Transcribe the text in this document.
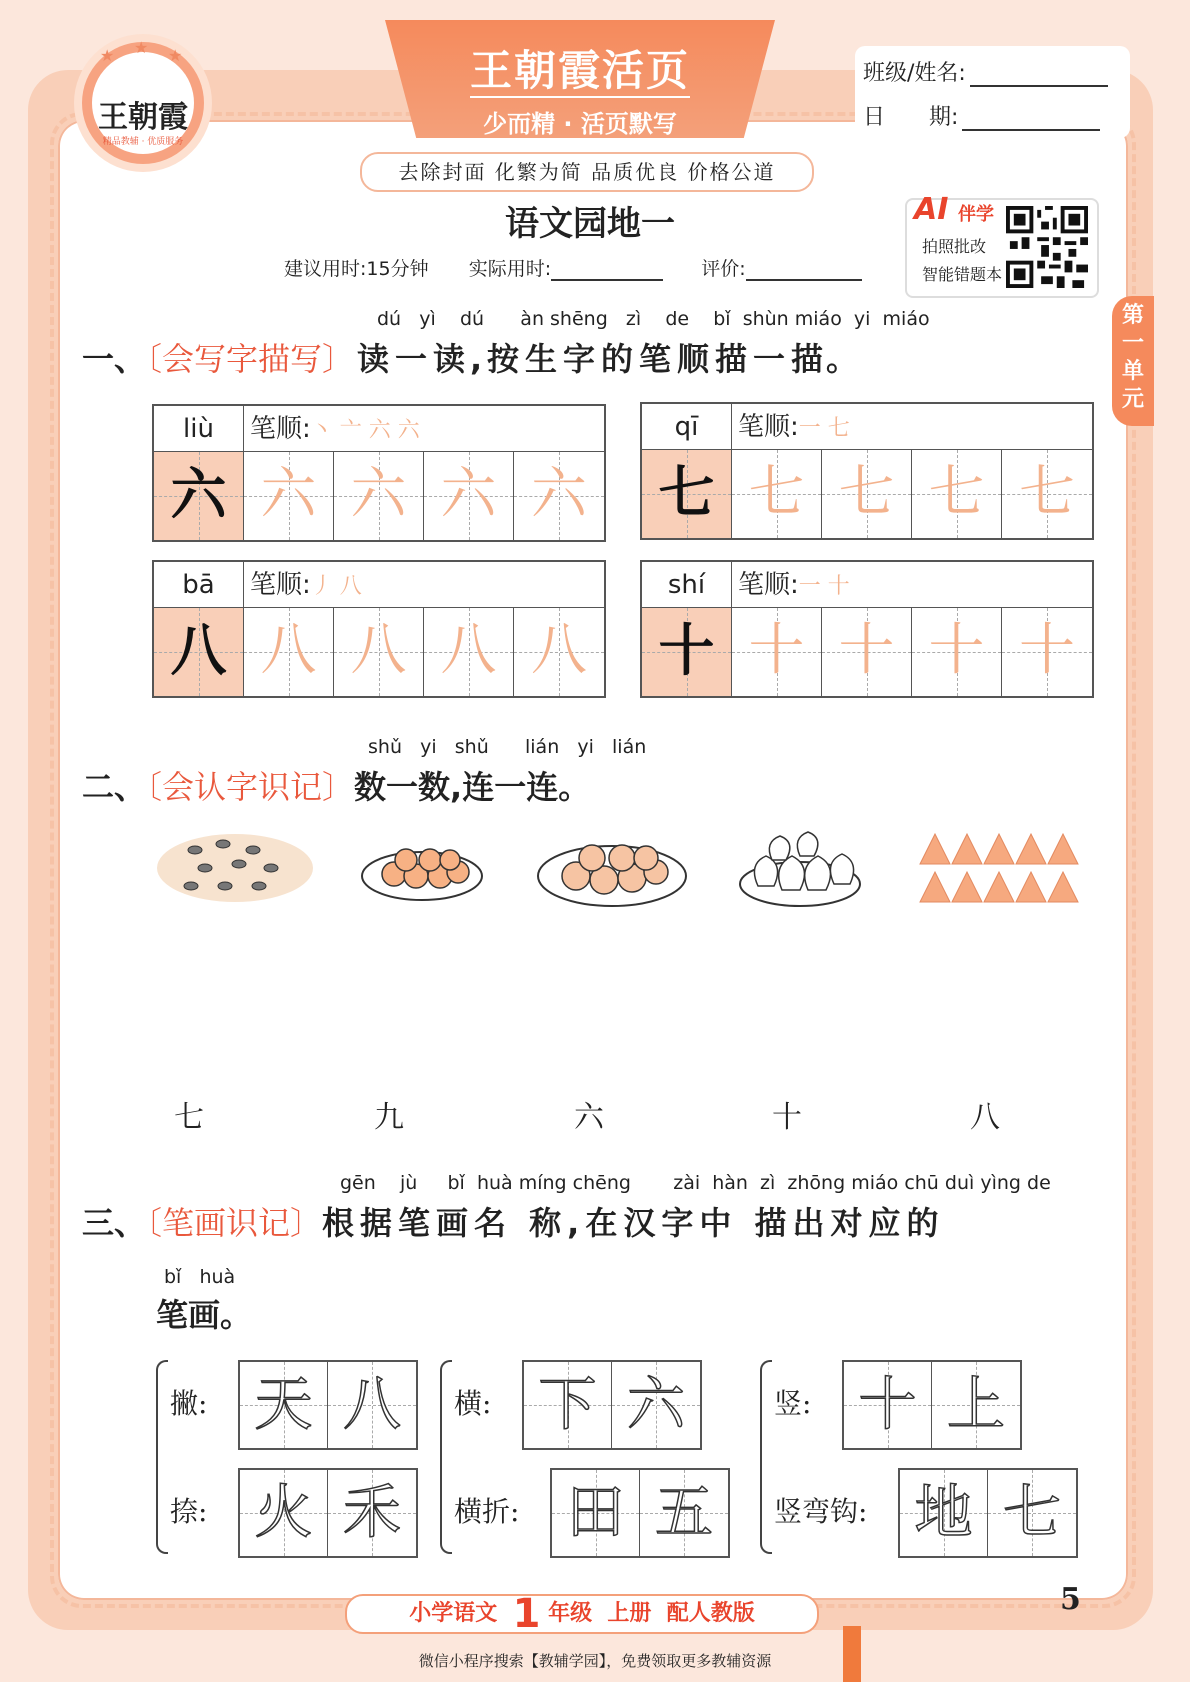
★ ★ ★
王朝霞
精品教辅 · 优质服务
王朝霞活页
少而精 · 活页默写
班级/姓名:
日　　期:
去除封面 化繁为简 品质优良 价格公道
语文园地一
建议用时:15分钟 实际用时:	评价:
AI 伴学
拍照批改
智能错题本
第一单元
dú yì dú àn shēng zì de bǐ shùn miáo yi miáo
一、〔会写字描写〕读 一 读 , 按 生 字 的 笔 顺 描 一 描。
liù	笔顺:丶 亠 六 六
六 六 六 六 六
qī	笔顺:一 七
七 七 七 七 七
bā	笔顺:丿 八
八 八 八 八 八
shí	笔顺:一 十
十 十 十 十 十
shǔ yi shǔ lián yi lián
二、〔会认字识记〕数一数,连一连。
七	九	六	十	八
gēn jù bǐ huà míng chēng zài hàn zì zhōng miáo chū duì yìng de
三、〔笔画识记〕根据笔画名 称,在汉字中 描出对应的
bǐ huà
笔画。
撇: 天 八
捺: 火 禾
横: 下 六
横折: 田 五
竖: 十 上
竖弯钩: 地 七
小学语文 1 年级 上册 配人教版	5
微信小程序搜索【教辅学园】，免费领取更多教辅资源
